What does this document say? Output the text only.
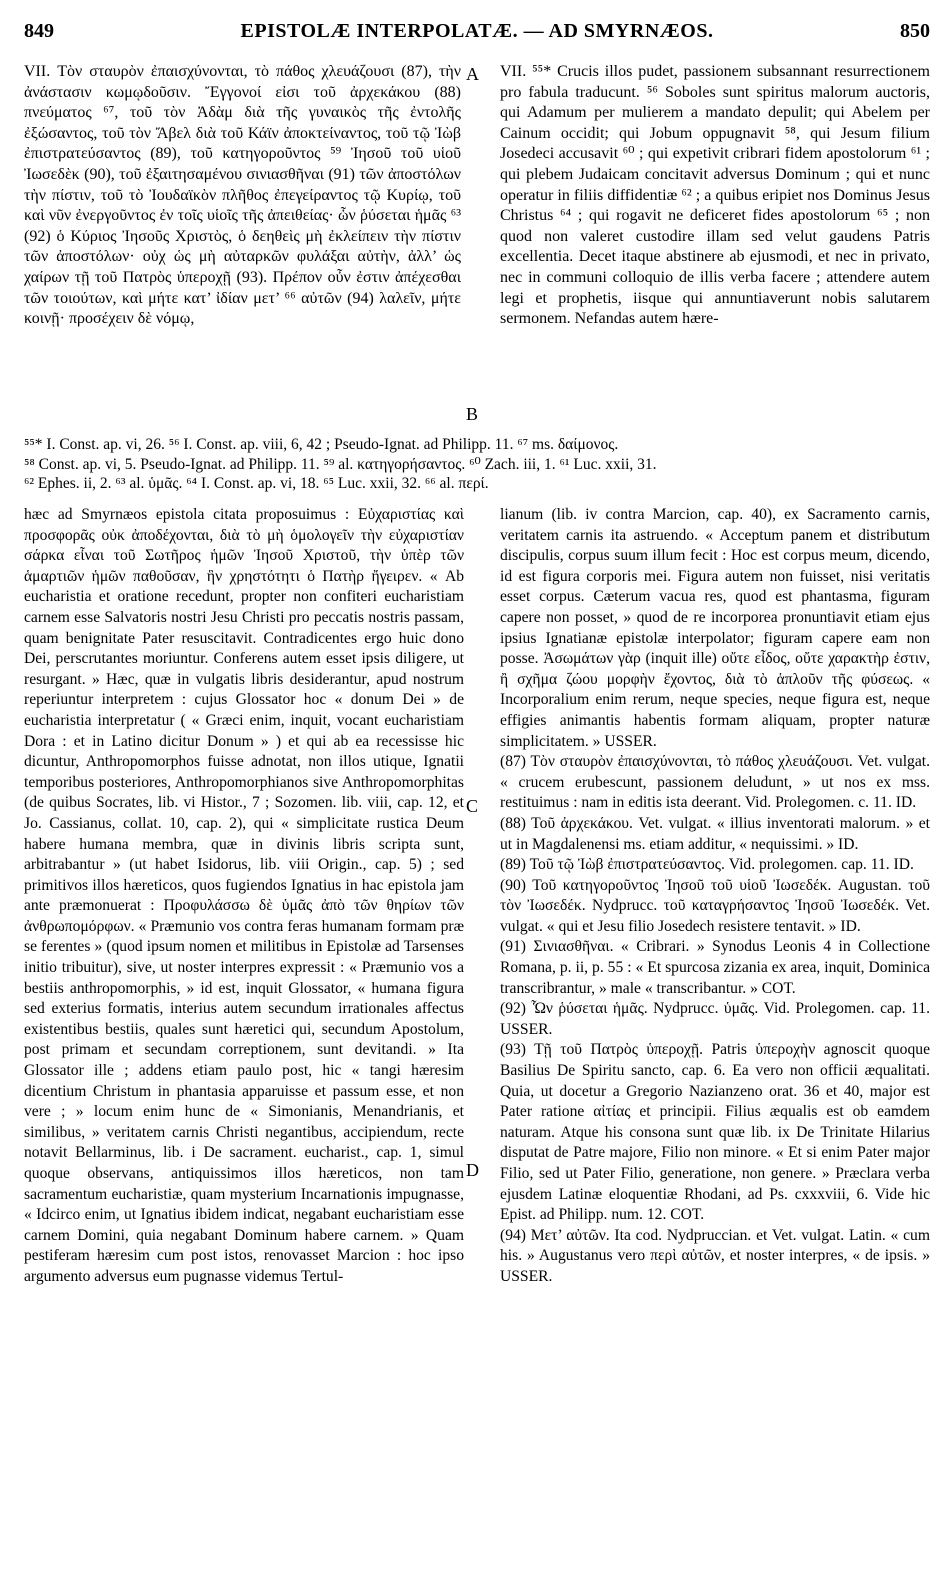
849	EPISTOLÆ INTERPOLATÆ. — AD SMYRNÆOS.	850

VII. Τὸν σταυρὸν ἐπαισχύνονται, τὸ πάθος χλευάζουσι (87), τὴν ἀνάστασιν κωμῳδοῦσιν. Ἔγγονοί εἰσι τοῦ ἀρχεκάκου (88) πνεύματος ⁶⁷, τοῦ τὸν Ἀδὰμ διὰ τῆς γυναικὸς τῆς ἐντολῆς ἐξώσαντος, τοῦ τὸν Ἄβελ διὰ τοῦ Κάϊν ἀποκτείναντος, τοῦ τῷ Ἰὼβ ἐπιστρατεύσαντος (89), τοῦ κατηγοροῦντος ⁵⁹ Ἰησοῦ τοῦ υἱοῦ Ἰωσεδὲκ (90), τοῦ ἐξαιτησαμένου σινιασθῆναι (91) τῶν ἀποστόλων τὴν πίστιν, τοῦ τὸ Ἰουδαϊκὸν πλῆθος ἐπεγείραντος τῷ Κυρίῳ, τοῦ καὶ νῦν ἐνεργοῦντος ἐν τοῖς υἱοῖς τῆς ἀπειθείας· ὧν ῥύσεται ἡμᾶς ⁶³ (92) ὁ Κύριος Ἰησοῦς Χριστὸς, ὁ δεηθεὶς μὴ ἐκλείπειν τὴν πίστιν τῶν ἀποστόλων· οὐχ ὡς μὴ αὐταρκῶν φυλάξαι αὐτὴν, ἀλλ’ ὡς χαίρων τῇ τοῦ Πατρὸς ὑπεροχῇ (93). Πρέπον οὖν ἐστιν ἀπέχεσθαι τῶν τοιούτων, καὶ μήτε κατ’ ἰδίαν μετ’ ⁶⁶ αὐτῶν (94) λαλεῖν, μήτε κοινῇ· προσέχειν δὲ νόμῳ,

A
B
C
D

VII. ⁵⁵* Crucis illos pudet, passionem subsannant resurrectionem pro fabula traducunt. ⁵⁶ Soboles sunt spiritus malorum auctoris, qui Adamum per mulierem a mandato depulit; qui Abelem per Cainum occidit; qui Jobum oppugnavit ⁵⁸, qui Jesum filium Josedeci accusavit ⁶⁰ ; qui expetivit cribrari fidem apostolorum ⁶¹ ; qui plebem Judaicam concitavit adversus Dominum ; qui et nunc operatur in filiis diffidentiæ ⁶² ; a quibus eripiet nos Dominus Jesus Christus ⁶⁴ ; qui rogavit ne deficeret fides apostolorum ⁶⁵ ; non quod non valeret custodire illam sed velut gaudens Patris excellentia. Decet itaque abstinere ab ejusmodi, et nec in privato, nec in communi colloquio de illis verba facere ; attendere autem legi et prophetis, iisque qui annuntiaverunt nobis salutarem sermonem. Nefandas autem hære-

⁵⁵* I. Const. ap. vi, 26. ⁵⁶ I. Const. ap. viii, 6, 42 ; Pseudo-Ignat. ad Philipp. 11. ⁶⁷ ms. δαίμονος.

⁵⁸ Const. ap. vi, 5. Pseudo-Ignat. ad Philipp. 11. ⁵⁹ al. κατηγορήσαντος. ⁶⁰ Zach. iii, 1. ⁶¹ Luc. xxii, 31.

⁶² Ephes. ii, 2. ⁶³ al. ὑμᾶς. ⁶⁴ I. Const. ap. vi, 18. ⁶⁵ Luc. xxii, 32. ⁶⁶ al. περί.

hæc ad Smyrnæos epistola citata proposuimus : Εὐχαριστίας καὶ προσφορᾶς οὐκ ἀποδέχονται, διὰ τὸ μὴ ὁμολογεῖν τὴν εὐχαριστίαν σάρκα εἶναι τοῦ Σωτῆρος ἡμῶν Ἰησοῦ Χριστοῦ, τὴν ὑπὲρ τῶν ἁμαρτιῶν ἡμῶν παθοῦσαν, ἣν χρηστότητι ὁ Πατὴρ ἤγειρεν. « Ab eucharistia et oratione recedunt, propter non confiteri eucharistiam carnem esse Salvatoris nostri Jesu Christi pro peccatis nostris passam, quam benignitate Pater resuscitavit. Contradicentes ergo huic dono Dei, perscrutantes moriuntur. Conferens autem esset ipsis diligere, ut resurgant. » Hæc, quæ in vulgatis libris desiderantur, apud nostrum reperiuntur interpretem : cujus Glossator hoc « donum Dei » de eucharistia interpretatur ( « Græci enim, inquit, vocant eucharistiam Dora : et in Latino dicitur Donum » ) et qui ab ea recessisse hic dicuntur, Anthropomorphos fuisse adnotat, non illos utique, Ignatii temporibus posteriores, Anthropomorphianos sive Anthropomorphitas (de quibus Socrates, lib. vi Histor., 7 ; Sozomen. lib. viii, cap. 12, et Jo. Cassianus, collat. 10, cap. 2), qui « simplicitate rustica Deum habere humana membra, quæ in divinis libris scripta sunt, arbitrabantur » (ut habet Isidorus, lib. viii Origin., cap. 5) ; sed primitivos illos hæreticos, quos fugiendos Ignatius in hac epistola jam ante præmonuerat : Προφυλάσσω δὲ ὑμᾶς ἀπὸ τῶν θηρίων τῶν ἀνθρωπομόρφων. « Præmunio vos contra feras humanam formam præ se ferentes » (quod ipsum nomen et militibus in Epistolæ ad Tarsenses initio tribuitur), sive, ut noster interpres expressit : « Præmunio vos a bestiis anthropomorphis, » id est, inquit Glossator, « humana figura sed exterius formatis, interius autem secundum irrationales affectus existentibus bestiis, quales sunt hæretici qui, secundum Apostolum, post primam et secundam correptionem, sunt devitandi. » Ita Glossator ille ; addens etiam paulo post, hic « tangi hæresim dicentium Christum in phantasia apparuisse et passum esse, et non vere ; » locum enim hunc de « Simonianis, Menandrianis, et similibus, » veritatem carnis Christi negantibus, accipiendum, recte notavit Bellarminus, lib. i De sacrament. eucharist., cap. 1, simul quoque observans, antiquissimos illos hæreticos, non tam sacramentum eucharistiæ, quam mysterium Incarnationis impugnasse, « Idcirco enim, ut Ignatius ibidem indicat, negabant eucharistiam esse carnem Domini, quia negabant Dominum habere carnem. » Quam pestiferam hæresim cum post istos, renovasset Marcion : hoc ipso argumento adversus eum pugnasse videmus Tertul-

lianum (lib. iv contra Marcion, cap. 40), ex Sacramento carnis, veritatem carnis ita astruendo. « Acceptum panem et distributum discipulis, corpus suum illum fecit : Hoc est corpus meum, dicendo, id est figura corporis mei. Figura autem non fuisset, nisi veritatis esset corpus. Cæterum vacua res, quod est phantasma, figuram capere non posset, » quod de re incorporea pronuntiavit etiam ejus ipsius Ignatianæ epistolæ interpolator; figuram capere eam non posse. Ἀσωμάτων γὰρ (inquit ille) οὔτε εἶδος, οὔτε χαρακτὴρ ἐστιν, ἢ σχῆμα ζώου μορφὴν ἔχοντος, διὰ τὸ ἁπλοῦν τῆς φύσεως. « Incorporalium enim rerum, neque species, neque figura est, neque effigies animantis habentis formam aliquam, propter naturæ simplicitatem. » USSER.

(87) Τὸν σταυρὸν ἐπαισχύνονται, τὸ πάθος χλευάζουσι. Vet. vulgat. « crucem erubescunt, passionem deludunt, » ut nos ex mss. restituimus : nam in editis ista deerant. Vid. Prolegomen. c. 11. ID.

(88) Τοῦ ἀρχεκάκου. Vet. vulgat. « illius inventorati malorum. » et ut in Magdalenensi ms. etiam additur, « nequissimi. » ID.

(89) Τοῦ τῷ Ἰὼβ ἐπιστρατεύσαντος. Vid. prolegomen. cap. 11. ID.

(90) Τοῦ κατηγοροῦντος Ἰησοῦ τοῦ υἱοῦ Ἰωσεδέκ. Augustan. τοῦ τὸν Ἰωσεδέκ. Nydprucc. τοῦ καταγρήσαντος Ἰησοῦ Ἰωσεδέκ. Vet. vulgat. « qui et Jesu filio Josedech resistere tentavit. » ID.

(91) Σινιασθῆναι. « Cribrari. » Synodus Leonis 4 in Collectione Romana, p. ii, p. 55 : « Et spurcosa zizania ex area, inquit, Dominica transcribrantur, » male « transcribantur. » COT.

(92) Ὧν ῥύσεται ἡμᾶς. Nydprucc. ὑμᾶς. Vid. Prolegomen. cap. 11. USSER.

(93) Τῇ τοῦ Πατρὸς ὑπεροχῇ. Patris ὑπεροχὴν agnoscit quoque Basilius De Spiritu sancto, cap. 6. Ea vero non officii æqualitati. Quia, ut docetur a Gregorio Nazianzeno orat. 36 et 40, major est Pater ratione αἰτίας et principii. Filius æqualis est ob eamdem naturam. Atque his consona sunt quæ lib. ix De Trinitate Hilarius disputat de Patre majore, Filio non minore. « Et si enim Pater major Filio, sed ut Pater Filio, generatione, non genere. » Præclara verba ejusdem Latinæ eloquentiæ Rhodani, ad Ps. cxxxviii, 6. Vide hic Epist. ad Philipp. num. 12. COT.

(94) Μετ’ αὐτῶν. Ita cod. Nydpruccian. et Vet. vulgat. Latin. « cum his. » Augustanus vero περὶ αὐτῶν, et noster interpres, « de ipsis. » USSER.
